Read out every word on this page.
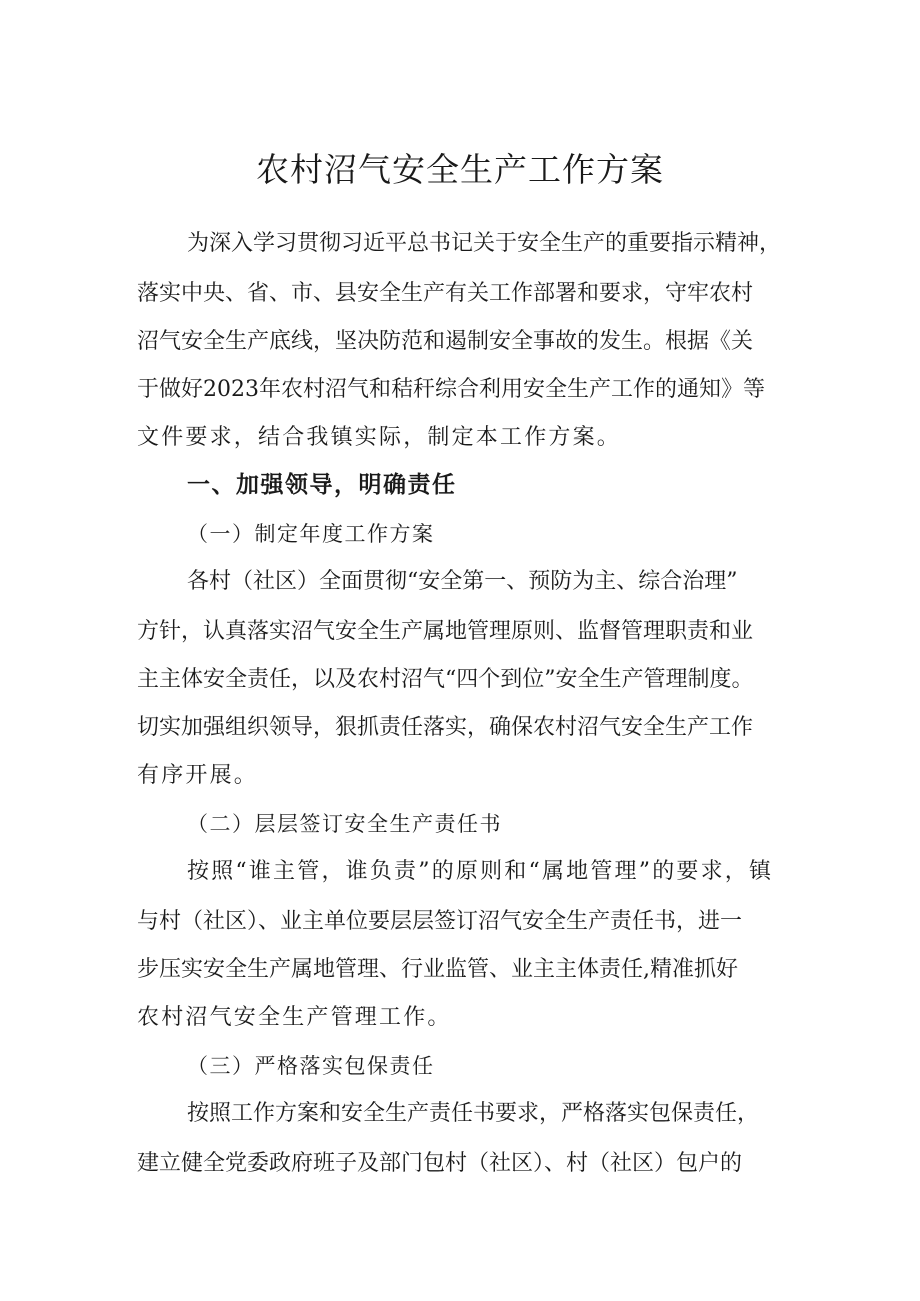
农村沼气安全生产工作方案
为深入学习贯彻习近平总书记关于安全生产的重要指示精神，
落实中央、省、市、县安全生产有关工作部署和要求，守牢农村
沼气安全生产底线，坚决防范和遏制安全事故的发生。根据《关
于做好2023年农村沼气和秸秆综合利用安全生产工作的通知》等
文件要求，结合我镇实际，制定本工作方案。
一、加强领导，明确责任
（一）制定年度工作方案
各村（社区）全面贯彻“安全第一、预防为主、综合治理”
方针，认真落实沼气安全生产属地管理原则、监督管理职责和业
主主体安全责任，以及农村沼气“四个到位”安全生产管理制度。
切实加强组织领导，狠抓责任落实，确保农村沼气安全生产工作
有序开展。
（二）层层签订安全生产责任书
按照“谁主管，谁负责”的原则和“属地管理”的要求，镇
与村（社区）、业主单位要层层签订沼气安全生产责任书，进一
步压实安全生产属地管理、行业监管、业主主体责任,精准抓好
农村沼气安全生产管理工作。
（三）严格落实包保责任
按照工作方案和安全生产责任书要求，严格落实包保责任，
建立健全党委政府班子及部门包村（社区）、村（社区）包户的
